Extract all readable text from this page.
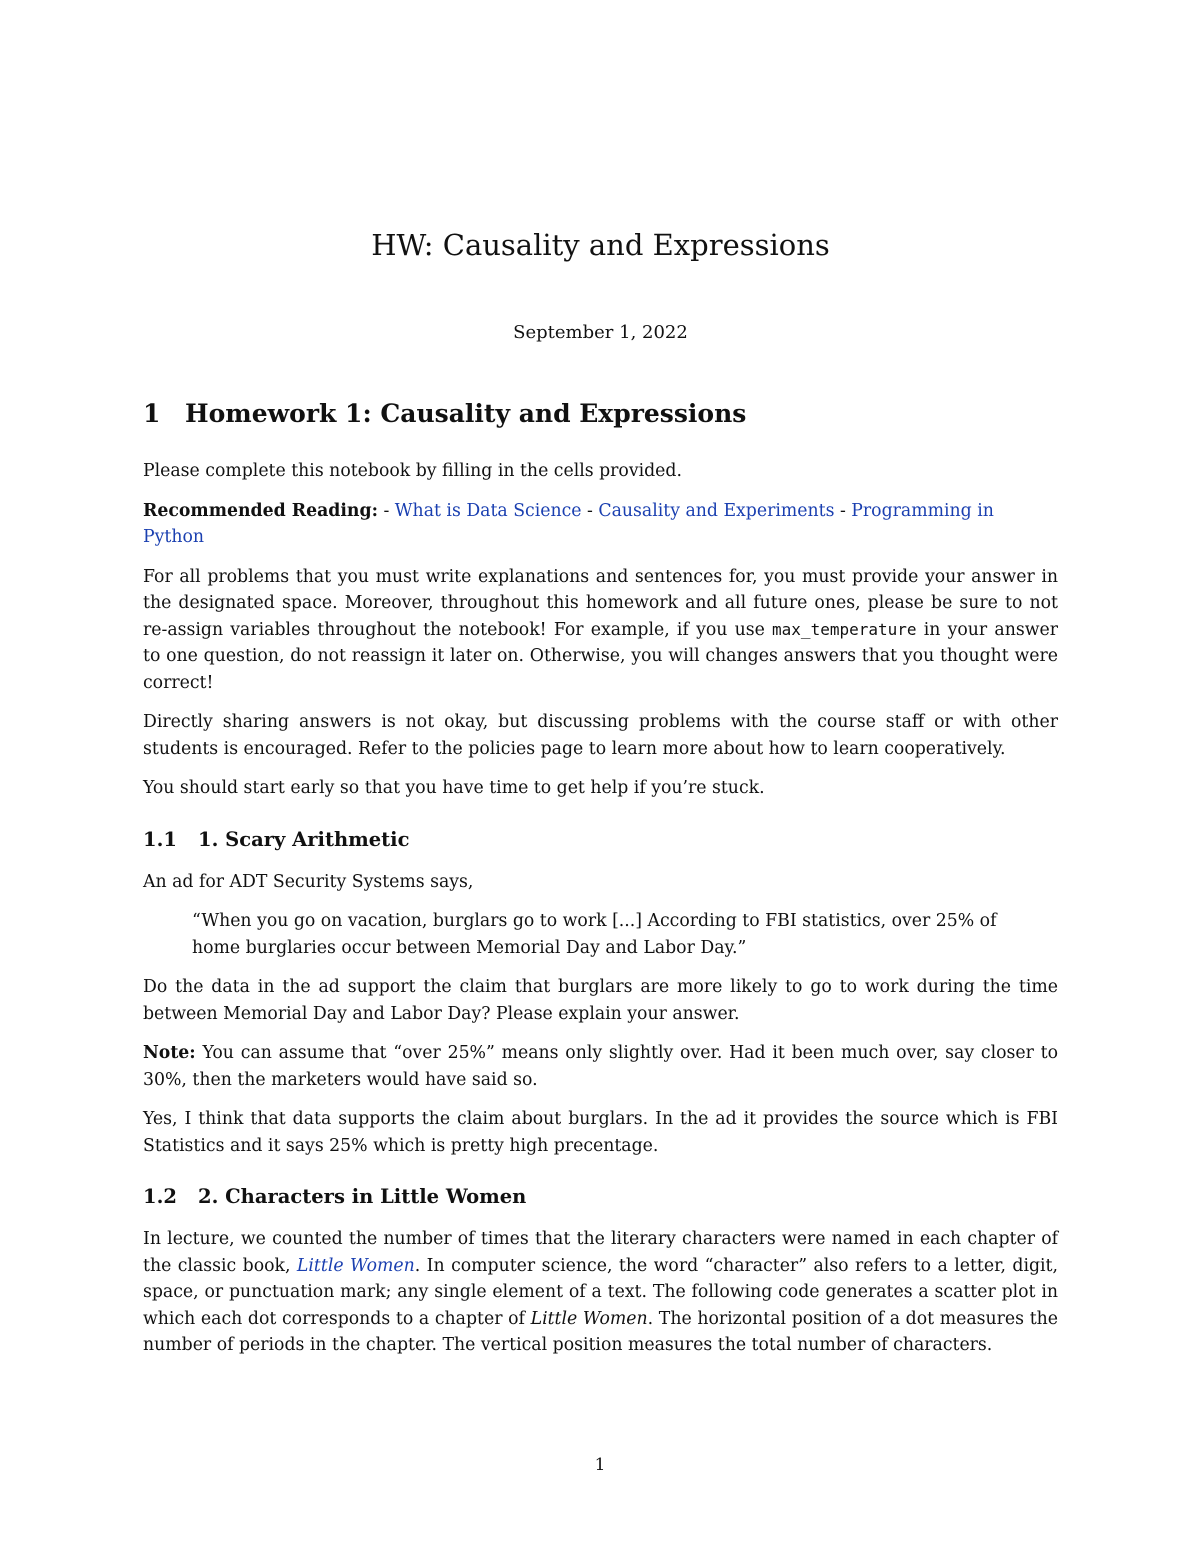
HW: Causality and Expressions
September 1, 2022
1 Homework 1: Causality and Expressions

Please complete this notebook by filling in the cells provided.

Recommended Reading: - What is Data Science - Causality and Experiments - Programming in Python

For all problems that you must write explanations and sentences for, you must provide your answer in the designated space. Moreover, throughout this homework and all future ones, please be sure to not re-assign variables throughout the notebook! For example, if you use max_temperature in your answer to one question, do not reassign it later on. Otherwise, you will changes answers that you thought were correct!

Directly sharing answers is not okay, but discussing problems with the course staff or with other students is encouraged. Refer to the policies page to learn more about how to learn cooperatively.

You should start early so that you have time to get help if you’re stuck.

1.1 1. Scary Arithmetic

An ad for ADT Security Systems says,

“When you go on vacation, burglars go to work [...] According to FBI statistics, over 25% of home burglaries occur between Memorial Day and Labor Day.”

Do the data in the ad support the claim that burglars are more likely to go to work during the time between Memorial Day and Labor Day? Please explain your answer.

Note: You can assume that “over 25%” means only slightly over. Had it been much over, say closer to 30%, then the marketers would have said so.

Yes, I think that data supports the claim about burglars. In the ad it provides the source which is FBI Statistics and it says 25% which is pretty high precentage.

1.2 2. Characters in Little Women

In lecture, we counted the number of times that the literary characters were named in each chapter of the classic book, Little Women. In computer science, the word “character” also refers to a letter, digit, space, or punctuation mark; any single element of a text. The following code generates a scatter plot in which each dot corresponds to a chapter of Little Women. The horizontal position of a dot measures the number of periods in the chapter. The vertical position measures the total number of characters.

1
